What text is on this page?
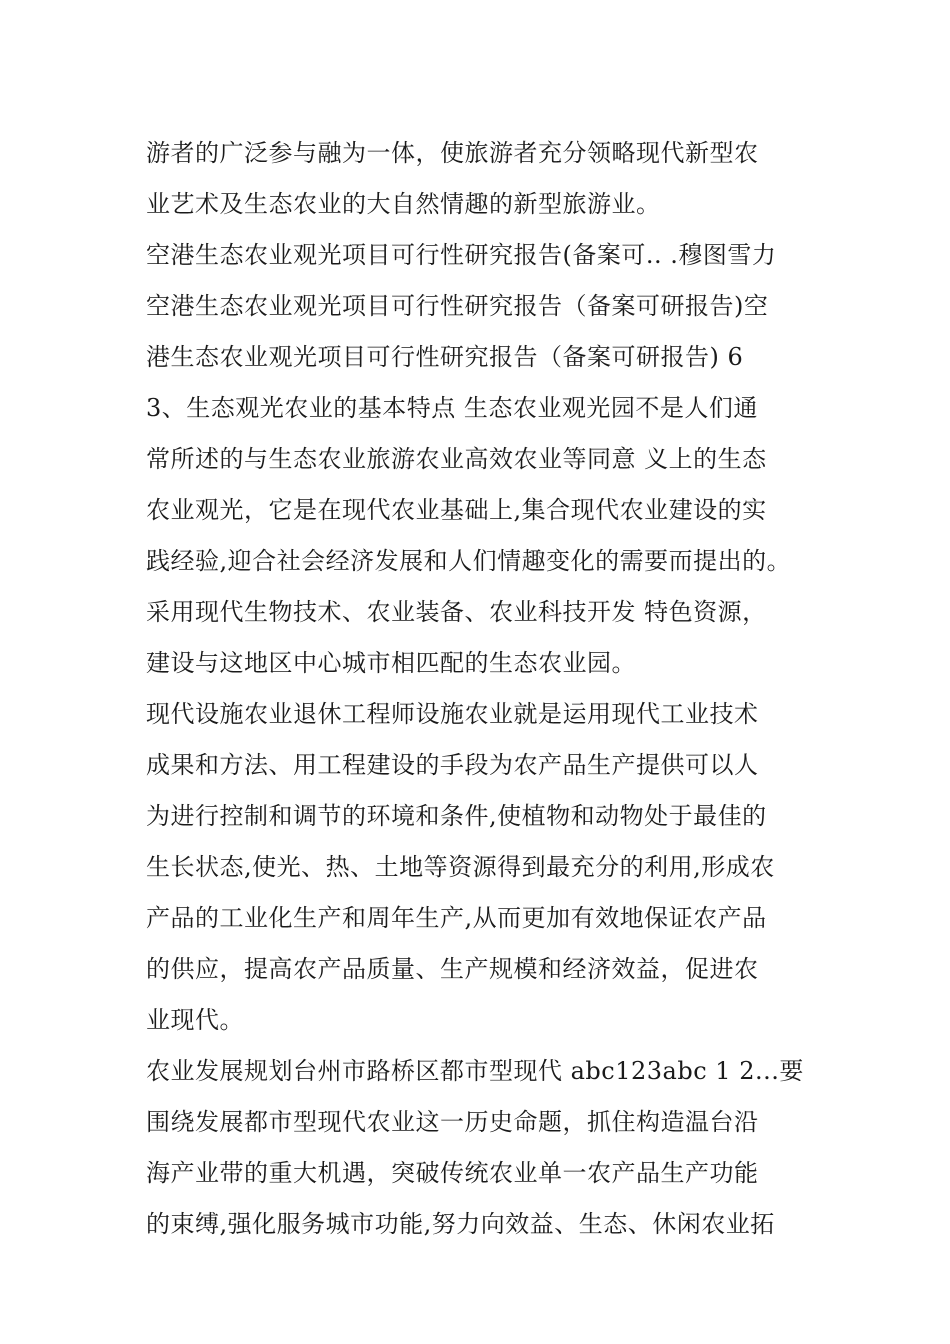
游者的广泛参与融为一体，使旅游者充分领略现代新型农
业艺术及生态农业的大自然情趣的新型旅游业。
空港生态农业观光项目可行性研究报告(备案可.. .穆图雪力
空港生态农业观光项目可行性研究报告（备案可研报告)空
港生态农业观光项目可行性研究报告（备案可研报告) 6
3、生态观光农业的基本特点 生态农业观光园不是人们通
常所述的与生态农业旅游农业高效农业等同意 义上的生态
农业观光，它是在现代农业基础上,集合现代农业建设的实
践经验,迎合社会经济发展和人们情趣变化的需要而提出的。
采用现代生物技术、农业装备、农业科技开发 特色资源，
建设与这地区中心城市相匹配的生态农业园。
现代设施农业退休工程师设施农业就是运用现代工业技术
成果和方法、用工程建设的手段为农产品生产提供可以人
为进行控制和调节的环境和条件,使植物和动物处于最佳的
生长状态,使光、热、土地等资源得到最充分的利用,形成农
产品的工业化生产和周年生产,从而更加有效地保证农产品
的供应，提高农产品质量、生产规模和经济效益，促进农
业现代。
农业发展规划台州市路桥区都市型现代 abc123abc ﻿1﻿ 2...要
围绕发展都市型现代农业这一历史命题，抓住构造温台沿
海产业带的重大机遇，突破传统农业单一农产品生产功能
的束缚,强化服务城市功能,努力向效益、生态、休闲农业拓
